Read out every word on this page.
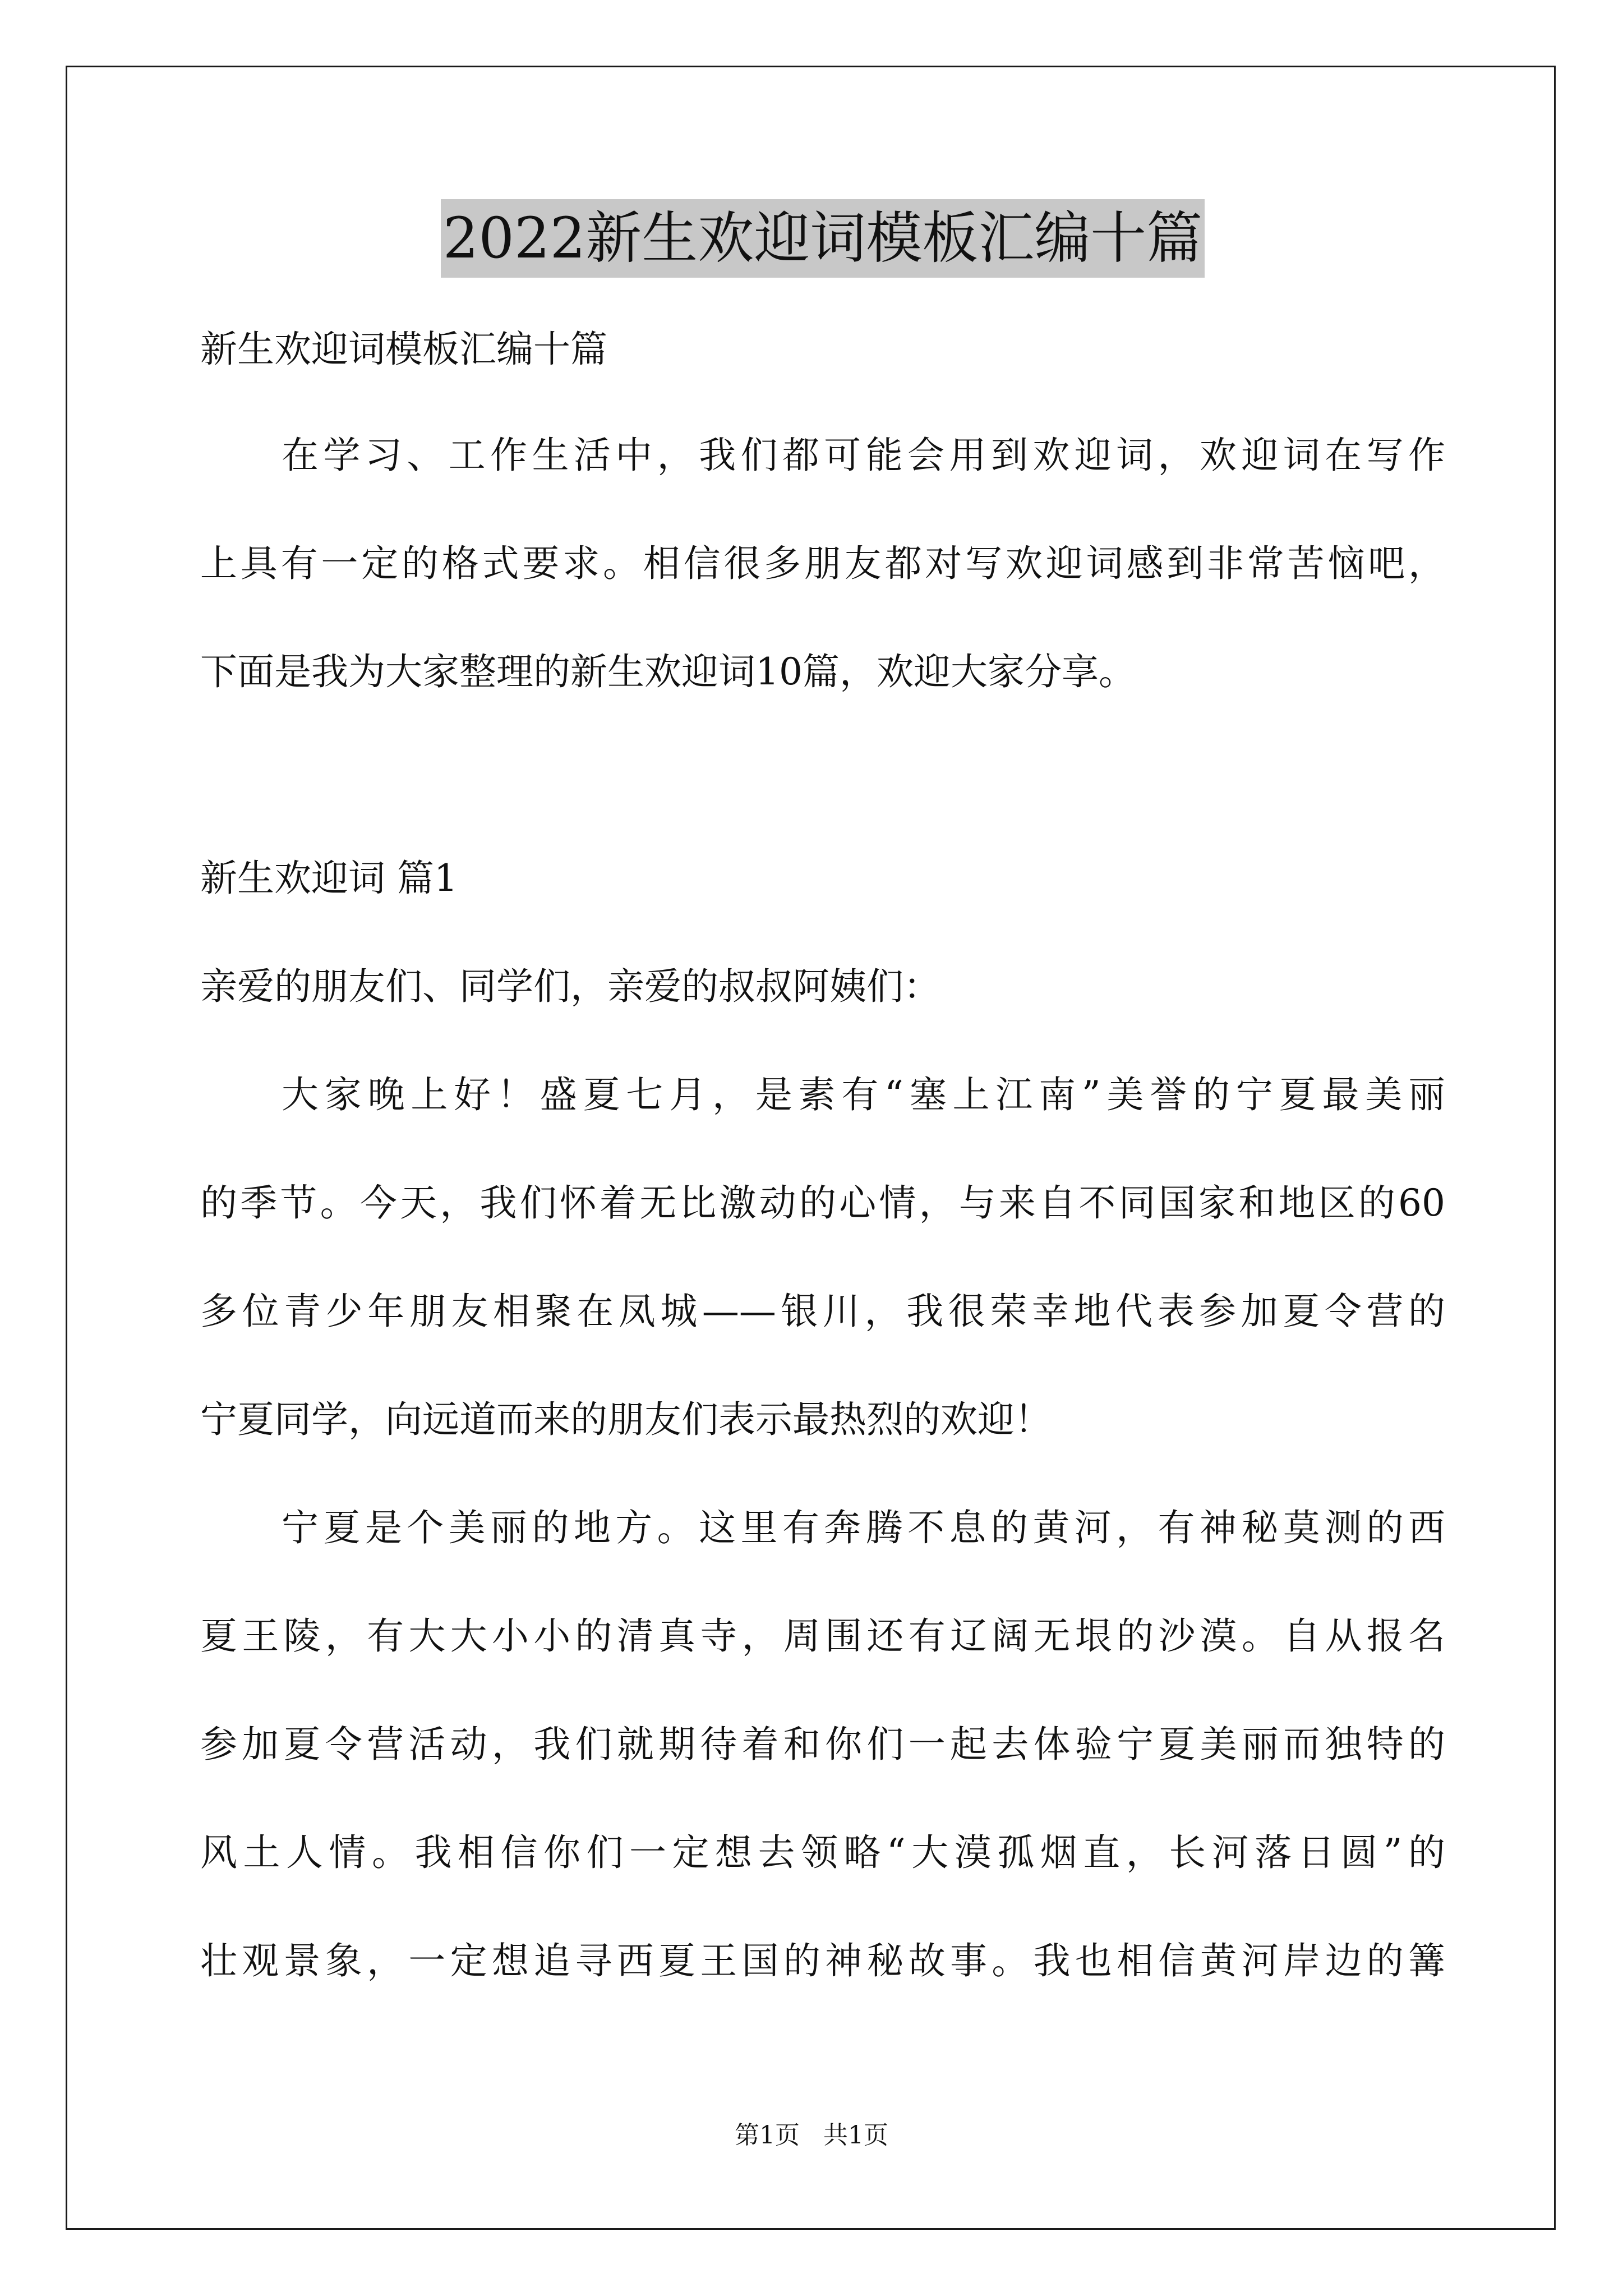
2022新生欢迎词模板汇编十篇

新生欢迎词模板汇编十篇

在学习、工作生活中，我们都可能会用到欢迎词，欢迎词在写作

上具有一定的格式要求。相信很多朋友都对写欢迎词感到非常苦恼吧，

下面是我为大家整理的新生欢迎词10篇，欢迎大家分享。

新生欢迎词 篇1

亲爱的朋友们、同学们，亲爱的叔叔阿姨们：

大家晚上好！盛夏七月，是素有“塞上江南”美誉的宁夏最美丽

的季节。今天，我们怀着无比激动的心情，与来自不同国家和地区的60

多位青少年朋友相聚在凤城——银川，我很荣幸地代表参加夏令营的

宁夏同学，向远道而来的朋友们表示最热烈的欢迎！

宁夏是个美丽的地方。这里有奔腾不息的黄河，有神秘莫测的西

夏王陵，有大大小小的清真寺，周围还有辽阔无垠的沙漠。自从报名

参加夏令营活动，我们就期待着和你们一起去体验宁夏美丽而独特的

风土人情。我相信你们一定想去领略“大漠孤烟直，长河落日圆”的

壮观景象，一定想追寻西夏王国的神秘故事。我也相信黄河岸边的篝

第1页   共1页
